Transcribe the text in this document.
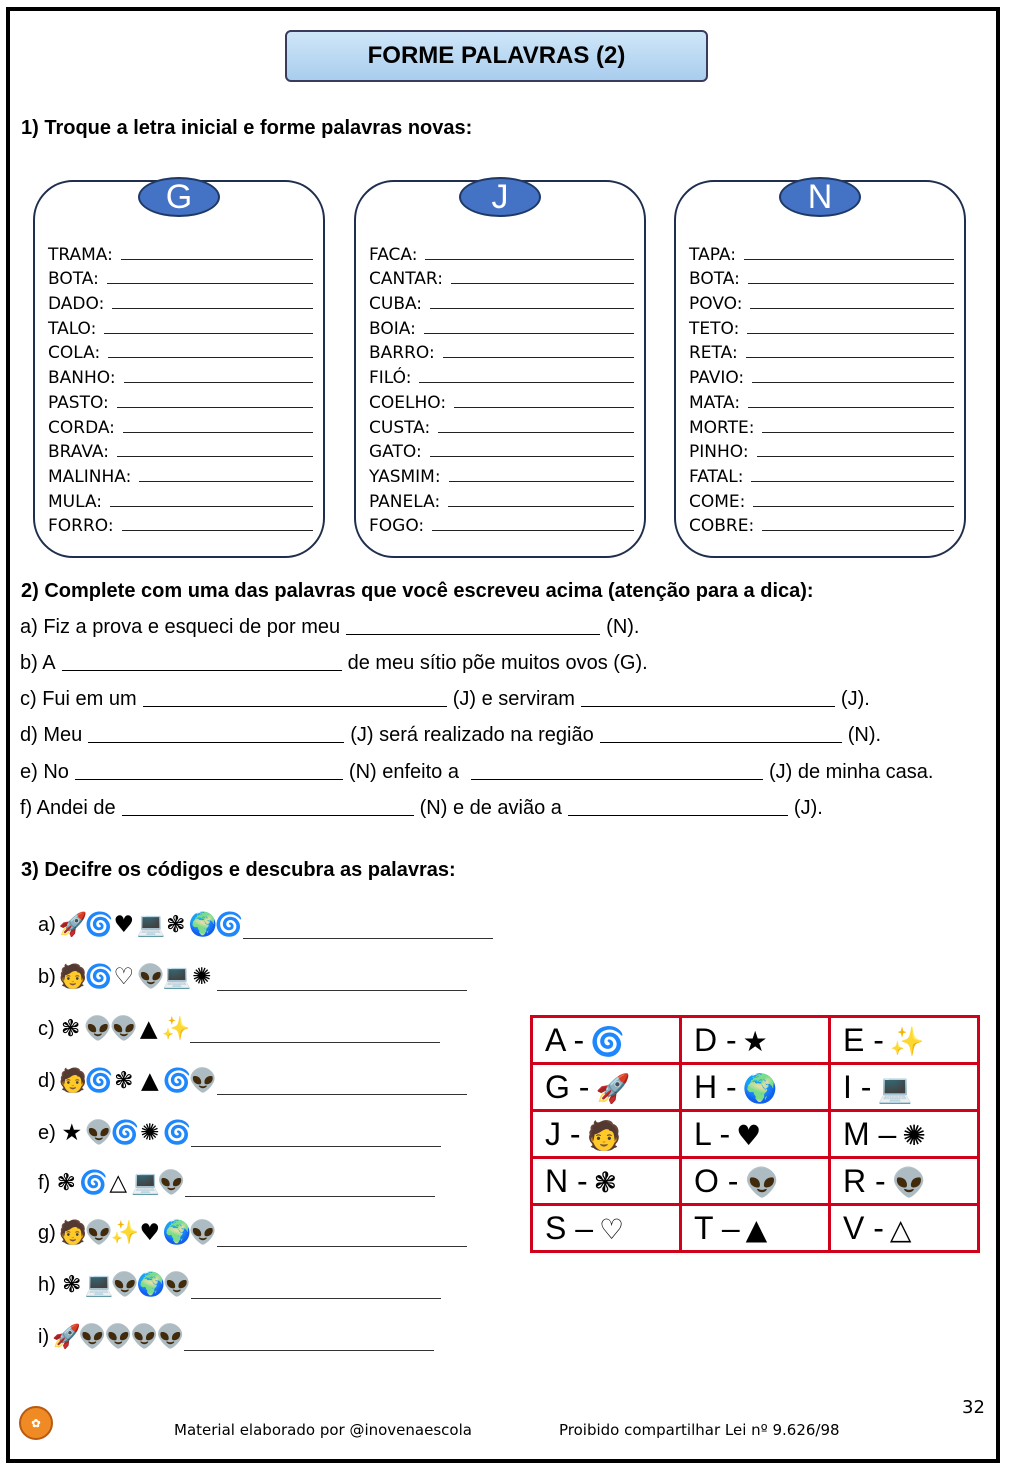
FORME PALAVRAS (2)
1) Troque a letra inicial e forme palavras novas:
G
TRAMA:
BOTA:
DADO:
TALO:
COLA:
BANHO:
PASTO:
CORDA:
BRAVA:
MALINHA:
MULA:
FORRO:
J
FACA:
CANTAR:
CUBA:
BOIA:
BARRO:
FILÓ:
COELHO:
CUSTA:
GATO:
YASMIM:
PANELA:
FOGO:
N
TAPA:
BOTA:
POVO:
TETO:
RETA:
PAVIO:
MATA:
MORTE:
PINHO:
FATAL:
COME:
COBRE:
2) Complete com uma das palavras que você escreveu acima (atenção para a dica):
a) Fiz a prova e esqueci de por meu	(N).
b) A	de meu sítio põe muitos ovos (G).
c) Fui em um	(J) e serviram	(J).
d) Meu	(J) será realizado na região	(N).
e) No	(N) enfeito a	(J) de minha casa.
f) Andei de	(N) e de avião a	(J).
3) Decifre os códigos e descubra as palavras:
a) 🚀
🌀 ♥ 💻 ❃ 🌍
🌀
b) 🧑
🌀 ♡ 👽
💻 ✺
c) ❃ 👽
👽 ▲ ✨
d) 🧑
🌀 ❃ ▲ 🌀
👽
e) ★ 👽
🌀 ✺ 🌀
f) ❃ 🌀 △ 💻
👽
g) 🧑
👽
✨ ♥ 🌍
👽
h) ❃ 💻
👽
🌍
👽
i) 🚀
👽
👽
👽
👽
A - 🌀	D - ★	E - ✨
G - 🚀	H - 🌍	I - 💻
J - 🧑	L - ♥	M – ✺
N - ❃	O - 👽	R - 👽
S – ♡	T – ▲	V - △
32
✿	Material elaborado por @inovenaescola	Proibido compartilhar Lei nº 9.626/98
